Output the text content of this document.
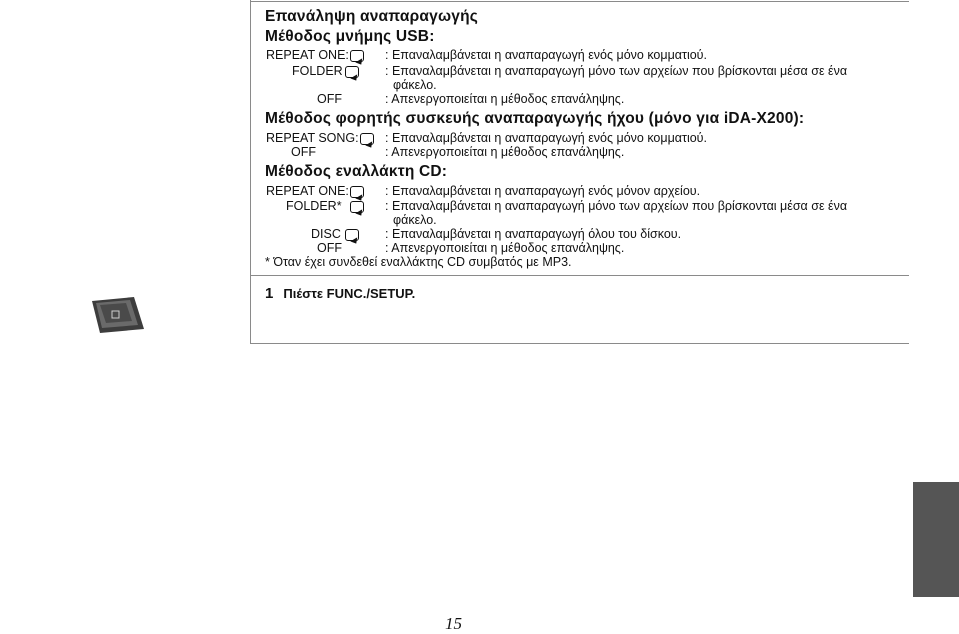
Επανάληψη αναπαραγωγής
Μέθοδος μνήμης USB:
REPEAT ONE:	: Επαναλαμβάνεται η αναπαραγωγή ενός μόνο κομματιού.
FOLDER	: Επαναλαμβάνεται η αναπαραγωγή μόνο των αρχείων που βρίσκονται μέσα σε ένα
φάκελο.
OFF	: Απενεργοποιείται η μέθοδος επανάληψης.
Μέθοδος φορητής συσκευής αναπαραγωγής ήχου (μόνο για iDA-X200):
REPEAT SONG: : Επαναλαμβάνεται η αναπαραγωγή ενός μόνο κομματιού.
OFF	: Απενεργοποιείται η μέθοδος επανάληψης.
Μέθοδος εναλλάκτη CD:
REPEAT ONE:	: Επαναλαμβάνεται η αναπαραγωγή ενός μόνον αρχείου.
FOLDER*	: Επαναλαμβάνεται η αναπαραγωγή μόνο των αρχείων που βρίσκονται μέσα σε ένα
φάκελο.
DISC	: Επαναλαμβάνεται η αναπαραγωγή όλου του δίσκου.
OFF	: Απενεργοποιείται η μέθοδος επανάληψης.
* Όταν έχει συνδεθεί εναλλάκτης CD συμβατός με MP3.
1 Πιέστε FUNC./SETUP.
15
